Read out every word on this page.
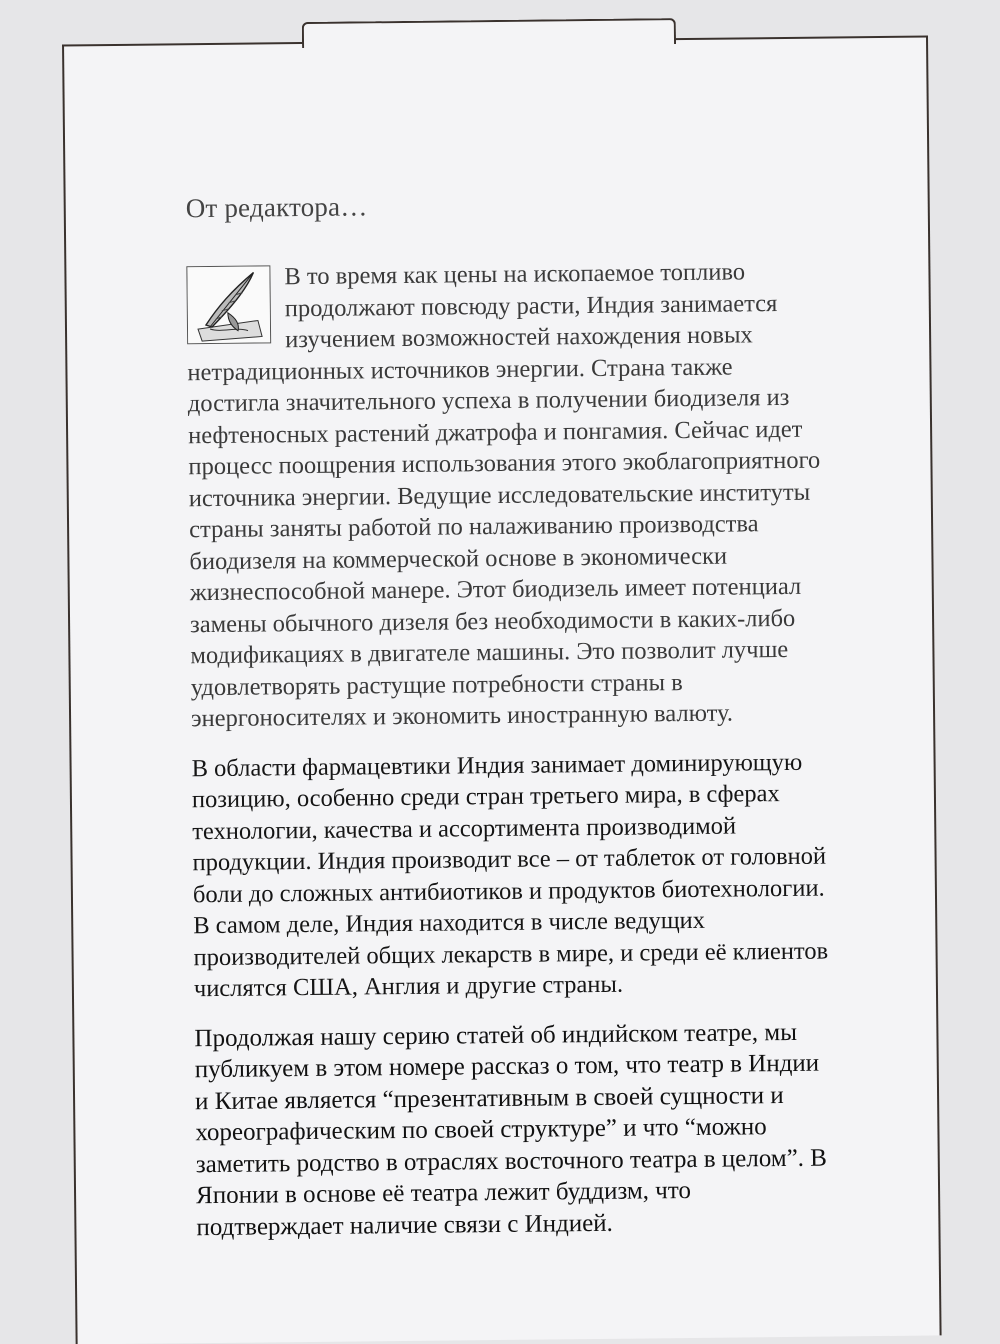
От редактора…

В то время как цены на ископаемое топливо продолжают повсюду расти, Индия занимается изучением возможностей нахождения новых нетрадиционных источников энергии. Страна также достигла значительного успеха в получении биодизеля из нефтеносных растений джатрофа и понгамия. Сейчас идет процесс поощрения использования этого экоблагоприятного источника энергии. Ведущие исследовательские институты страны заняты работой по налаживанию производства биодизеля на коммерческой основе в экономически жизнеспособной манере. Этот биодизель имеет потенциал замены обычного дизеля без необходимости в каких-либо модификациях в двигателе машины. Это позволит лучше удовлетворять растущие потребности страны в энергоносителях и экономить иностранную валюту.

В области фармацевтики Индия занимает доминирующую позицию, особенно среди стран третьего мира, в сферах технологии, качества и ассортимента производимой продукции. Индия производит все – от таблеток от головной боли до сложных антибиотиков и продуктов биотехнологии. В самом деле, Индия находится в числе ведущих производителей общих лекарств в мире, и среди её клиентов числятся США, Англия и другие страны.

Продолжая нашу серию статей об индийском театре, мы публикуем в этом номере рассказ о том, что театр в Индии и Китае является “презентативным в своей сущности и хореографическим по своей структуре” и что “можно заметить родство в отраслях восточного театра в целом”. В Японии в основе её театра лежит буддизм, что подтверждает наличие связи с Индией.
